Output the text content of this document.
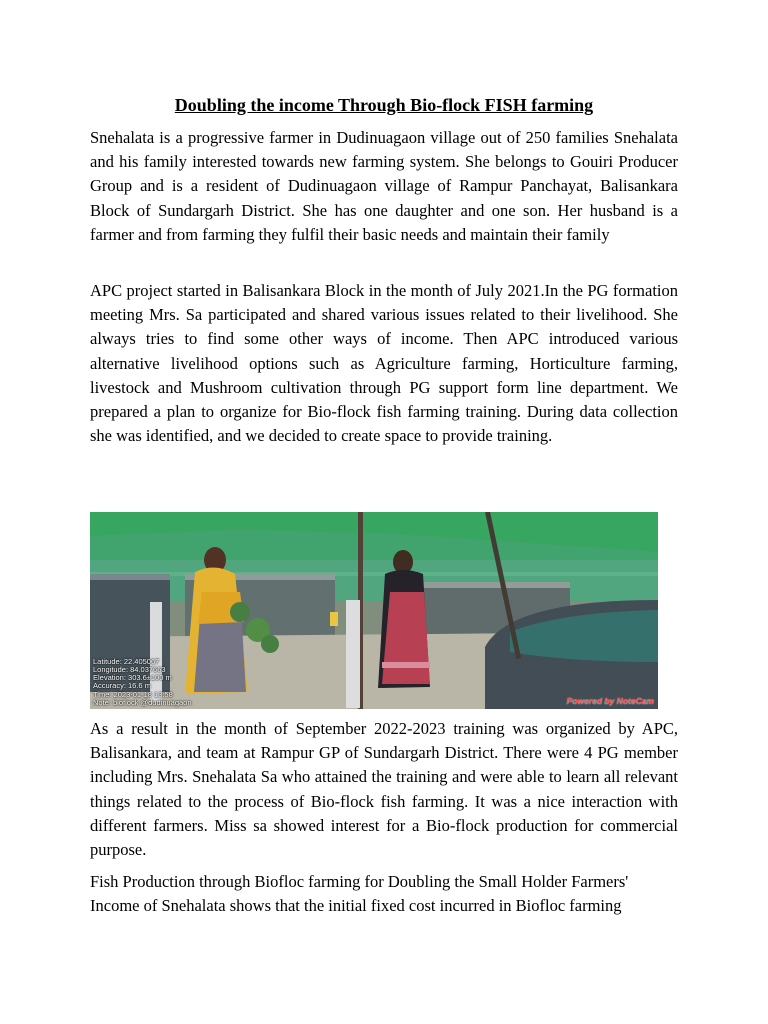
Doubling the income Through Bio-flock FISH farming

Snehalata is a progressive farmer in Dudinuagaon village out of 250 families Snehalata and his family interested towards new farming system. She belongs to Gouiri Producer Group and is a resident of Dudinuagaon village of Rampur Panchayat, Balisankara Block of Sundargarh District. She has one daughter and one son. Her husband is a farmer and from farming they fulfil their basic needs and maintain their family

APC project started in Balisankara Block in the month of July 2021.In the PG formation meeting Mrs. Sa participated and shared various issues related to their livelihood. She always tries to find some other ways of income. Then APC introduced various alternative livelihood options such as Agriculture farming, Horticulture farming, livestock and Mushroom cultivation through PG support form line department. We prepared a plan to organize for Bio-flock fish farming training. During data collection she was identified, and we decided to create space to provide training.

Latitude: 22.405067
Longitude: 84.037663
Elevation: 303.6±100 m
Accuracy: 16.6 m
Time: 2023-01-18 13:58
Note: bioflock @dudinuagaon	Powered by NoteCam

As a result in the month of September 2022-2023 training was organized by APC, Balisankara, and team at Rampur GP of Sundargarh District. There were 4 PG member including Mrs. Snehalata Sa who attained the training and were able to learn all relevant things related to the process of Bio-flock fish farming. It was a nice interaction with different farmers. Miss sa showed interest for a Bio-flock production for commercial purpose.

Fish Production through Biofloc farming for Doubling the Small Holder Farmers' Income of Snehalata shows that the initial fixed cost incurred in Biofloc farming
